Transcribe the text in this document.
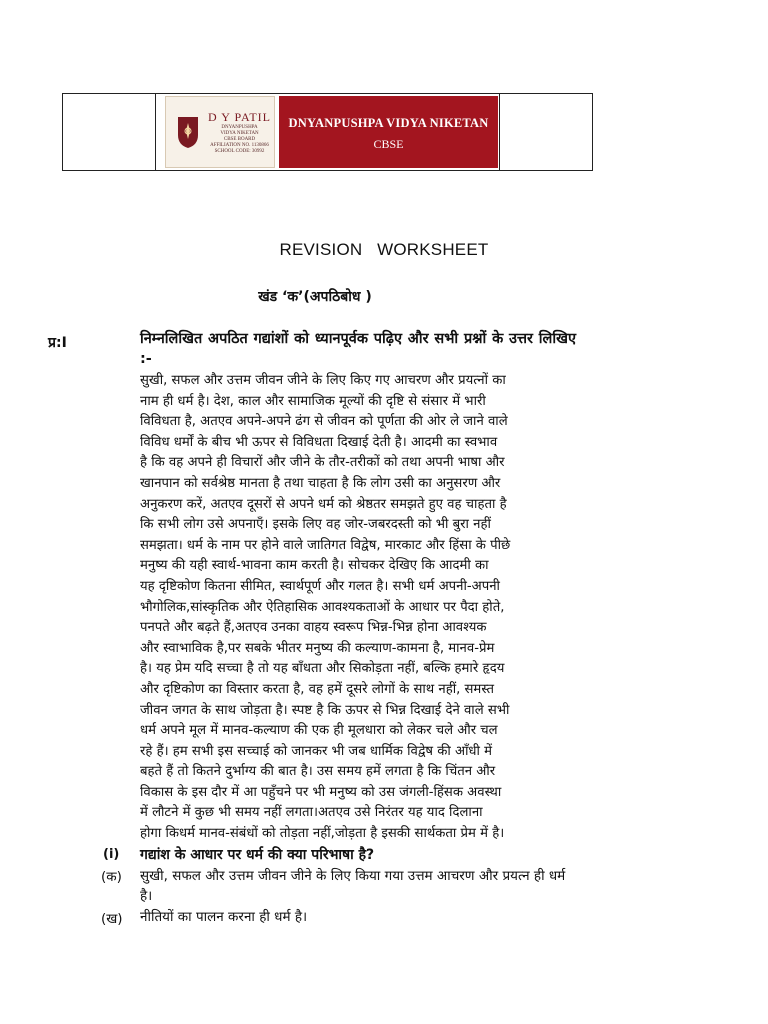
D Y PATIL
DNYANPUSHPA
VIDYA NIKETAN
CBSE BOARD
AFFILIATION NO. 1130866
SCHOOL CODE: 30992
DNYANPUSHPA VIDYA NIKETAN
CBSE
REVISION   WORKSHEET
खंड ‘क’(अपठिबोध )
प्र:I	निम्नलिखित अपठित गद्यांशों को ध्यानपूर्वक पढ़िए और सभी प्रश्नों के उत्तर लिखिए :-
सुखी, सफल और उत्तम जीवन जीने के लिए किए गए आचरण और प्रयत्नों का
नाम ही धर्म है। देश, काल और सामाजिक मूल्यों की दृष्टि से संसार में भारी
विविधता है, अतएव अपने-अपने ढंग से जीवन को पूर्णता की ओर ले जाने वाले
विविध धर्मों के बीच भी ऊपर से विविधता दिखाई देती है। आदमी का स्वभाव
है कि वह अपने ही विचारों और जीने के तौर-तरीकों को तथा अपनी भाषा और
खानपान को सर्वश्रेष्ठ मानता है तथा चाहता है कि लोग उसी का अनुसरण और
अनुकरण करें, अतएव दूसरों से अपने धर्म को श्रेष्ठतर समझते हुए वह चाहता है
कि सभी लोग उसे अपनाएँ। इसके लिए वह जोर-जबरदस्ती को भी बुरा नहीं
समझता। धर्म के नाम पर होने वाले जातिगत विद्वेष, मारकाट और हिंसा के पीछे
मनुष्य की यही स्वार्थ-भावना काम करती है। सोचकर देखिए कि आदमी का
यह दृष्टिकोण कितना सीमित, स्वार्थपूर्ण और गलत है। सभी धर्म अपनी-अपनी
भौगोलिक,सांस्कृतिक और ऐतिहासिक आवश्यकताओं के आधार पर पैदा होते,
पनपते और बढ़ते हैं,अतएव उनका वाहय स्वरूप भिन्न-भिन्न होना आवश्यक
और स्वाभाविक है,पर सबके भीतर मनुष्य की कल्याण-कामना है, मानव-प्रेम
है। यह प्रेम यदि सच्चा है तो यह बाँधता और सिकोड़ता नहीं, बल्कि हमारे हृदय
और दृष्टिकोण का विस्तार करता है, वह हमें दूसरे लोगों के साथ नहीं, समस्त
जीवन जगत के साथ जोड़ता है। स्पष्ट है कि ऊपर से भिन्न दिखाई देने वाले सभी
धर्म अपने मूल में मानव-कल्याण की एक ही मूलधारा को लेकर चले और चल
रहे हैं। हम सभी इस सच्चाई को जानकर भी जब धार्मिक विद्वेष की आँधी में
बहते हैं तो कितने दुर्भाग्य की बात है। उस समय हमें लगता है कि चिंतन और
विकास के इस दौर में आ पहुँचने पर भी मनुष्य को उस जंगली-हिंसक अवस्था
में लौटने में कुछ भी समय नहीं लगता।अतएव उसे निरंतर यह याद दिलाना
होगा किधर्म मानव-संबंधों को तोड़ता नहीं,जोड़ता है इसकी सार्थकता प्रेम में है।
(i) गद्यांश के आधार पर धर्म की क्या परिभाषा है?
(क) सुखी, सफल और उत्तम जीवन जीने के लिए किया गया उत्तम आचरण और प्रयत्न ही धर्म है।
(ख) नीतियों का पालन करना ही धर्म है।
